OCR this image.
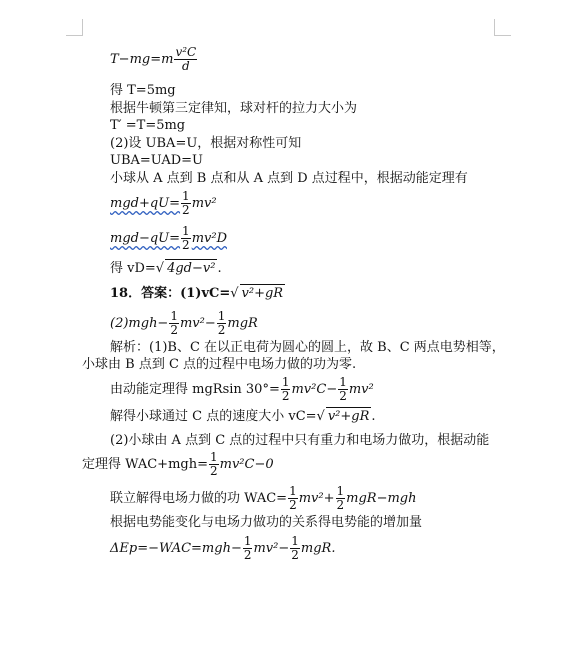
$T-mg=m \frac{\text{v²C}}{d}$
得 T=5mg
根据牛顿第三定律知，球对杆的拉力大小为
T′ =T=5mg
(2)设 UBA=U，根据对称性可知
UBA=UAD=U
小球从 A 点到 B 点和从 A 点到 D 点过程中，根据动能定理有
$mgd+qU= \frac{1}{2} mv^2$
$mgd-qU= \frac{1}{2} mv^2D$
得 vD=√ 4gd−v² .
18．答案：(1)vC=√ v²+gR
$(2)mgh- \frac{1}{2} mv^2- \frac{1}{2}$ mgR
解析：(1)B、C 在以正电荷为圆心的圆上，故 B、C 两点电势相等，
小球由 B 点到 C 点的过程中电场力做的功为零.
由动能定理得 mgRsin $30^\circ= \frac{1}{2} mv^2C- \frac{1}{2} mv^2$
解得小球通过 C 点的速度大小 vC=√ v²+gR .
(2)小球由 A 点到 C 点的过程中只有重力和电场力做功，根据动能
定理得 $WAC+mgh= \frac{1}{2} mv^2C-0$
联立解得电场力做的功 $WAC= \frac{1}{2} mv^2+ \frac{1}{2} mgR-mgh$
根据电势能变化与电场力做功的关系得电势能的增加量
$\Delta Ep=-WAC=mgh- \frac{1}{2} mv^2- \frac{1}{2}$ mgR.
